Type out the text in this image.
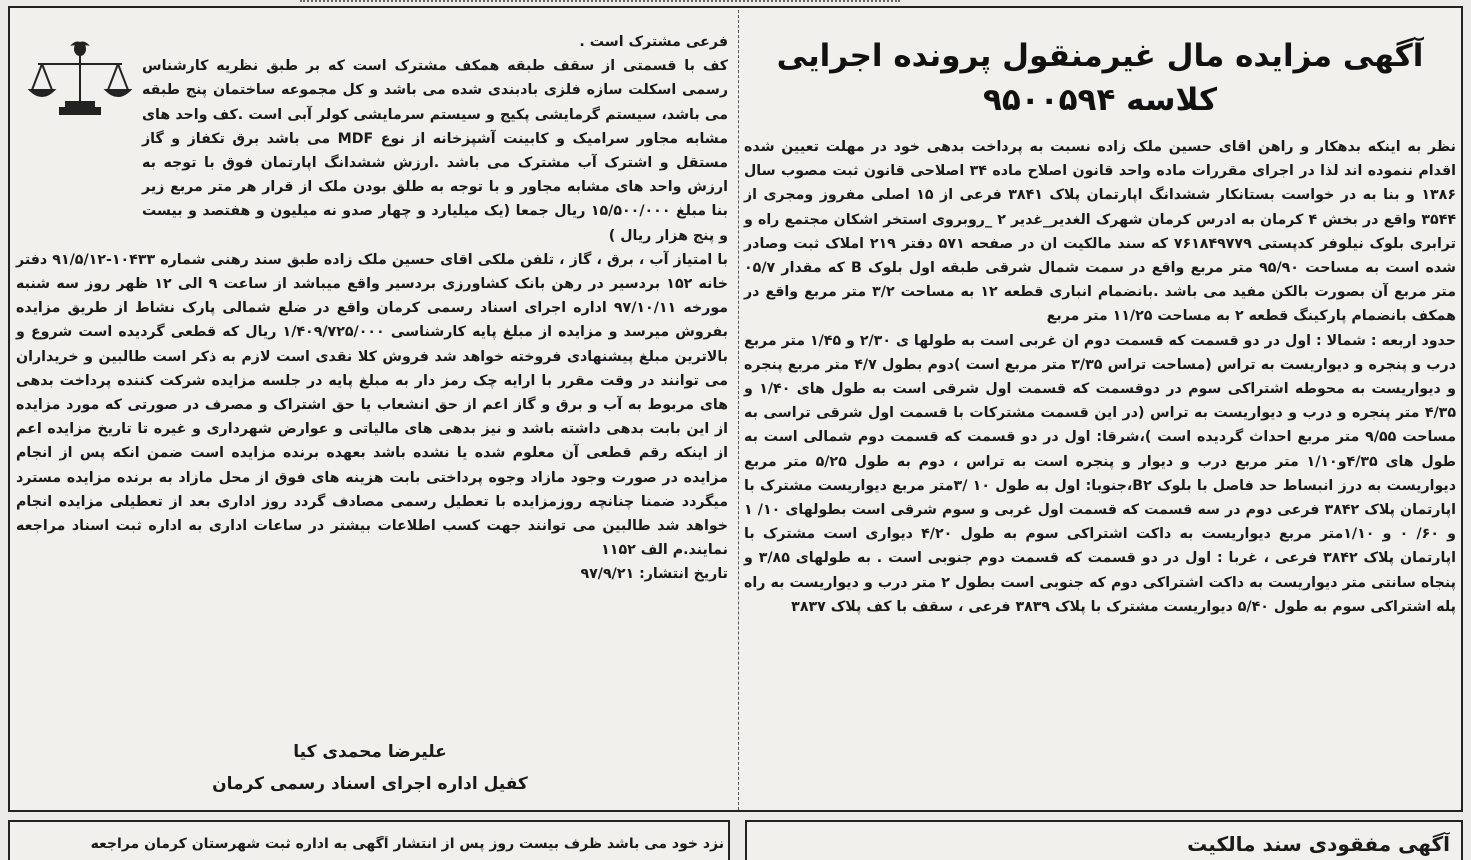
آگهی مزایده مال غیرمنقول پرونده اجرایی
کلاسه ۹۵۰۰۵۹۴

نظر به اینکه بدهکار و راهن اقای حسین ملک زاده نسبت به پرداخت بدهی خود در مهلت تعیین شده اقدام ننموده اند لذا در اجرای مقررات ماده واحد قانون اصلاح ماده ۳۴ اصلاحی قانون ثبت مصوب سال ۱۳۸۶ و بنا به در خواست بستانکار ششدانگ اپارتمان پلاک ۳۸۴۱ فرعی از ۱۵ اصلی مفروز ومجری از ۳۵۴۴ واقع در بخش ۴ کرمان به ادرس کرمان شهرک الغدیر_غدیر ۲ _روبروی استخر اشکان مجتمع راه و ترابری بلوک نیلوفر کدپستی ۷۶۱۸۴۹۷۷۹ که سند مالکیت ان در صفحه ۵۷۱ دفتر ۲۱۹ املاک ثبت وصادر شده است به مساحت ۹۵/۹۰ متر مربع واقع در سمت شمال شرقی طبقه اول بلوک B که مقدار ۰۵/۷ متر مربع آن بصورت بالکن مفید می باشد .بانضمام انباری قطعه ۱۲ به مساحت ۳/۲ متر مربع واقع در همکف بانضمام پارکینگ قطعه ۲ به مساحت ۱۱/۲۵ متر مربع

حدود اربعه : شمالا : اول در دو قسمت که قسمت دوم ان غربی است به طولها ی ۲/۳۰ و ۱/۴۵ متر مربع درب و پنجره و دیواریست به تراس (مساحت تراس ۳/۳۵ متر مربع است )دوم بطول ۴/۷ متر مربع پنجره و دیواریست به محوطه اشتراکی سوم در دوقسمت که قسمت اول شرقی است به طول های ۱/۴۰ و ۴/۳۵ متر پنجره و درب و دیواریست به تراس (در این قسمت مشترکات با قسمت اول شرقی تراسی به مساحت ۹/۵۵ متر مربع احداث گردیده است )،شرقا: اول در دو قسمت که قسمت دوم شمالی است به طول های ۴/۳۵و۱/۱۰ متر مربع درب و دیوار و پنجره است به تراس ، دوم به طول ۵/۲۵ متر مربع دیواریست به درز انبساط حد فاصل با بلوک B۲،جنوبا: اول به طول ۱۰ /۳متر مربع دیواریست مشترک با اپارتمان پلاک ۳۸۴۲ فرعی دوم در سه قسمت که قسمت اول غربی و سوم شرقی است بطولهای ۱۰/ ۱ و ۶۰/ ۰ و ۱/۱۰متر مربع دیواریست به داکت اشتراکی سوم به طول ۴/۲۰ دیواری است مشترک با اپارتمان پلاک ۳۸۴۲ فرعی ، غربا : اول در دو قسمت که قسمت دوم جنوبی است . به طولهای ۳/۸۵ و پنجاه سانتی متر دیواریست به داکت اشتراکی دوم که جنوبی است بطول ۲ متر درب و دیواریست به راه پله اشتراکی سوم به طول ۵/۴۰ دیواریست مشترک با پلاک ۳۸۳۹ فرعی ، سقف با کف پلاک ۳۸۳۷

فرعی مشترک است .

کف با قسمتی از سقف طبقه همکف مشترک است که بر طبق نظریه کارشناس رسمی اسکلت سازه فلزی بادبندی شده می باشد و کل مجموعه ساختمان پنج طبقه می باشد، سیستم گرمایشی پکیج و سیستم سرمایشی کولر آبی است .کف واحد های مشابه مجاور سرامیک و کابینت آشپزخانه از نوع MDF می باشد برق تکفاز و گاز مستقل و اشترک آب مشترک می باشد .ارزش ششدانگ اپارتمان فوق با توجه به ارزش واحد های مشابه مجاور و با توجه به طلق بودن ملک از قرار هر متر مربع زیر بنا مبلغ ۱۵/۵۰۰/۰۰۰ ریال جمعا (یک میلیارد و چهار صدو نه میلیون و هفتصد و بیست و پنج هزار ریال )

با امتیاز آب ، برق ، گاز ، تلفن ملکی اقای حسین ملک زاده طبق سند رهنی شماره ۱۰۴۳۳-۹۱/۵/۱۲ دفتر خانه ۱۵۲ بردسیر در رهن بانک کشاورزی بردسیر واقع میباشد از ساعت ۹ الی ۱۲ ظهر روز سه شنبه مورخه ۹۷/۱۰/۱۱ اداره اجرای اسناد رسمی کرمان واقع در ضلع شمالی پارک نشاط از طریق مزایده بفروش میرسد و مزایده از مبلغ پایه کارشناسی ۱/۴۰۹/۷۲۵/۰۰۰ ریال که قطعی گردیده است شروع و بالاترین مبلغ پیشنهادی فروخته خواهد شد فروش کلا نقدی است لازم به ذکر است طالبین و خریداران می توانند در وقت مقرر با ارایه چک رمز دار به مبلغ پایه در جلسه مزایده شرکت کننده پرداخت بدهی های مربوط به آب و برق و گاز اعم از حق انشعاب یا حق اشتراک و مصرف در صورتی که مورد مزایده از این بابت بدهی داشته باشد و نیز بدهی های مالیاتی و عوارض شهرداری و غیره تا تاریخ مزایده اعم از اینکه رقم قطعی آن معلوم شده یا نشده باشد بعهده برنده مزایده است ضمن انکه پس از انجام مزایده در صورت وجود مازاد وجوه پرداختی بابت هزینه های فوق از محل مازاد به برنده مزایده مسترد میگردد ضمنا چنانچه روزمزایده با تعطیل رسمی مصادف گردد روز اداری بعد از تعطیلی مزایده انجام خواهد شد طالبین می توانند جهت کسب اطلاعات بیشتر در ساعات اداری به اداره ثبت اسناد مراجعه نمایند.م الف ۱۱۵۲

تاریخ انتشار: ۹۷/۹/۲۱

علیرضا محمدی کیا
کفیل اداره اجرای اسناد رسمی کرمان
نزد خود می باشد ظرف بیست روز پس از انتشار آگهی به اداره ثبت شهرستان کرمان مراجعه	آگهی مفقودی سند مالکیت
